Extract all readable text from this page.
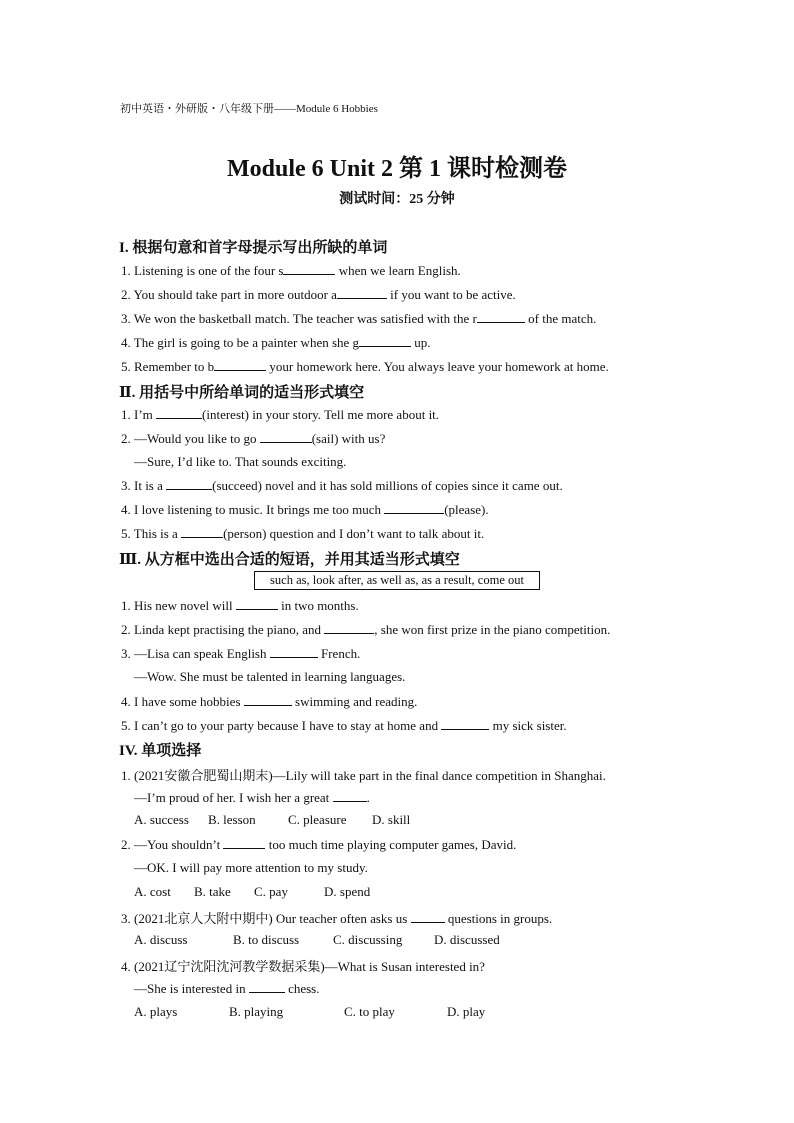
初中英语・外研版・八年级下册——Module 6 Hobbies
Module 6 Unit 2 第 1 课时检测卷
测试时间：25 分钟
I. 根据句意和首字母提示写出所缺的单词
1. Listening is one of the four s	when we learn English.
2. You should take part in more outdoor a	if you want to be active.
3. We won the basketball match. The teacher was satisfied with the r	of the match.
4. The girl is going to be a painter when she g	up.
5. Remember to b	your homework here. You always leave your homework at home.
Ⅱ. 用括号中所给单词的适当形式填空
1. I’m	(interest) in your story. Tell me more about it.
2. —Would you like to go	(sail) with us?
—Sure, I’d like to. That sounds exciting.
3. It is a	(succeed) novel and it has sold millions of copies since it came out.
4. I love listening to music. It brings me too much	(please).
5. This is a	(person) question and I don’t want to talk about it.
Ⅲ. 从方框中选出合适的短语，并用其适当形式填空
such as, look after, as well as, as a result, come out
1. His new novel will	in two months.
2. Linda kept practising the piano, and	, she won first prize in the piano competition.
3. —Lisa can speak English	French.
—Wow. She must be talented in learning languages.
4. I have some hobbies	swimming and reading.
5. I can’t go to your party because I have to stay at home and	my sick sister.
IV. 单项选择
1. (2021安徽合肥蜀山期末)—Lily will take part in the final dance competition in Shanghai.
—I’m proud of her. I wish her a great	.
A. success B. lesson C. pleasure D. skill
2. —You shouldn’t	too much time playing computer games, David.
—OK. I will pay more attention to my study.
A. cost B. take C. pay	D. spend
3. (2021北京人大附中期中) Our teacher often asks us	questions in groups.
A. discuss	B. to discuss	C. discussing D. discussed
4. (2021辽宁沈阳沈河教学数据采集)—What is Susan interested in?
—She is interested in	chess.
A. plays	B. playing	C. to play	D. play
